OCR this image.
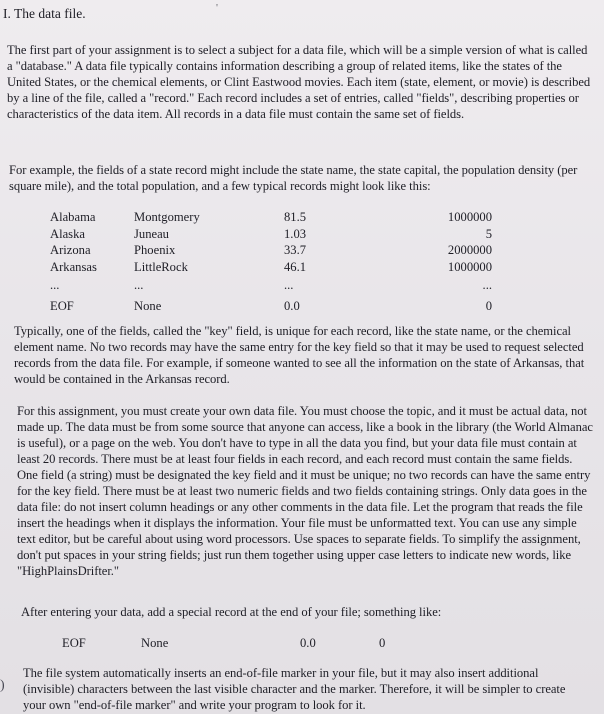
I. The data file.	'

The first part of your assignment is to select a subject for a data file, which will be a simple version of what is called a "database." A data file typically contains information describing a group of related items, like the states of the United States, or the chemical elements, or Clint Eastwood movies. Each item (state, element, or movie) is described by a line of the file, called a "record." Each record includes a set of entries, called "fields", describing properties or characteristics of the data item. All records in a data file must contain the same set of fields.

For example, the fields of a state record might include the state name, the state capital, the population density (per square mile), and the total population, and a few typical records might look like this:

Alabama	Montgomery	81.5	1000000
Alaska	Juneau	1.03	5
Arizona	Phoenix	33.7	2000000
Arkansas	LittleRock	46.1	1000000
...	...	...	...
EOF	None	0.0	0

Typically, one of the fields, called the "key" field, is unique for each record, like the state name, or the chemical element name. No two records may have the same entry for the key field so that it may be used to request selected records from the data file. For example, if someone wanted to see all the information on the state of Arkansas, that would be contained in the Arkansas record.

For this assignment, you must create your own data file. You must choose the topic, and it must be actual data, not made up. The data must be from some source that anyone can access, like a book in the library (the World Almanac is useful), or a page on the web. You don't have to type in all the data you find, but your data file must contain at least 20 records. There must be at least four fields in each record, and each record must contain the same fields. One field (a string) must be designated the key field and it must be unique; no two records can have the same entry for the key field. There must be at least two numeric fields and two fields containing strings. Only data goes in the data file: do not insert column headings or any other comments in the data file. Let the program that reads the file insert the headings when it displays the information. Your file must be unformatted text. You can use any simple text editor, but be careful about using word processors. Use spaces to separate fields. To simplify the assignment, don't put spaces in your string fields; just run them together using upper case letters to indicate new words, like "HighPlainsDrifter."

After entering your data, add a special record at the end of your file; something like:

EOF	None	0.0	0

The file system automatically inserts an end-of-file marker in your file, but it may also insert additional (invisible) characters between the last visible character and the marker. Therefore, it will be simpler to create your own "end-of-file marker" and write your program to look for it.

)
